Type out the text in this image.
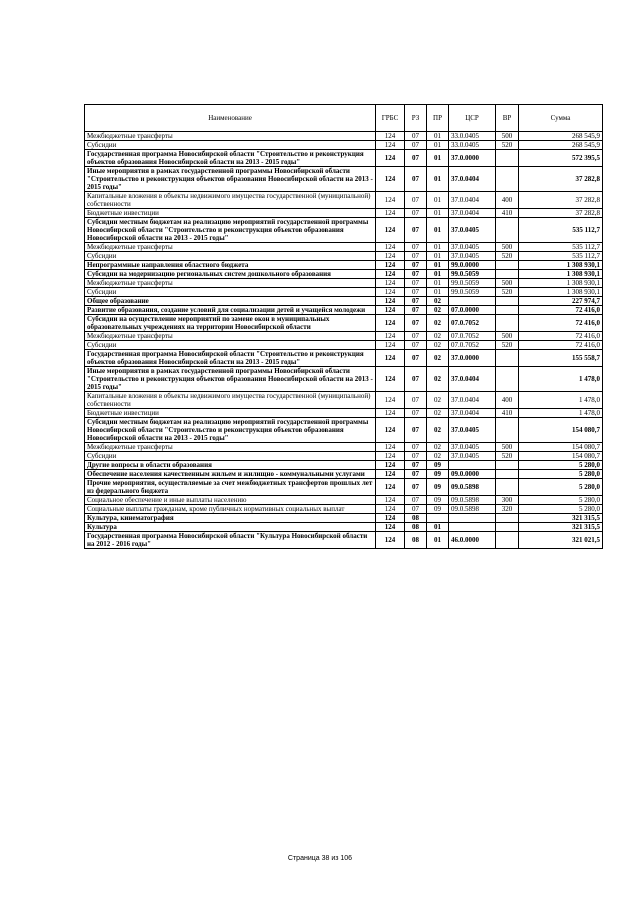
Наименование	ГРБС	РЗ	ПР	ЦСР	ВР	Сумма
Межбюджетные трансферты	124	07	01	33.0.0405	500	268 545,9
Субсидии	124	07	01	33.0.0405	520	268 545,9
Государственная программа Новосибирской области "Строительство и реконструкция объектов образования Новосибирской области на 2013 - 2015 годы"	124	07	01	37.0.0000		572 395,5
Иные мероприятия в рамках государственной программы Новосибирской области "Строительство и реконструкция объектов образования Новосибирской области на 2013 - 2015 годы"	124	07	01	37.0.0404		37 282,8
Капитальные вложения в объекты недвижимого имущества государственной (муниципальной) собственности	124	07	01	37.0.0404	400	37 282,8
Бюджетные инвестиции	124	07	01	37.0.0404	410	37 282,8
Субсидии местным бюджетам на реализацию мероприятий государственной программы Новосибирской области "Строительство и реконструкция объектов образования Новосибирской области на 2013 - 2015 годы"	124	07	01	37.0.0405		535 112,7
Межбюджетные трансферты	124	07	01	37.0.0405	500	535 112,7
Субсидии	124	07	01	37.0.0405	520	535 112,7
Непрограммные направления областного бюджета	124	07	01	99.0.0000		1 308 930,1
Субсидии на модернизацию региональных систем дошкольного образования	124	07	01	99.0.5059		1 308 930,1
Межбюджетные трансферты	124	07	01	99.0.5059	500	1 308 930,1
Субсидии	124	07	01	99.0.5059	520	1 308 930,1
Общее образование	124	07	02			227 974,7
Развитие образования, создание условий для социализации детей и учащейся молодежи	124	07	02	07.0.0000		72 416,0
Субсидии на осуществление мероприятий по замене окон в муниципальных образовательных учреждениях на территории Новосибирской области	124	07	02	07.0.7052		72 416,0
Межбюджетные трансферты	124	07	02	07.0.7052	500	72 416,0
Субсидии	124	07	02	07.0.7052	520	72 416,0
Государственная программа Новосибирской области "Строительство и реконструкция объектов образования Новосибирской области на 2013 - 2015 годы"	124	07	02	37.0.0000		155 558,7
Иные мероприятия в рамках государственной программы Новосибирской области "Строительство и реконструкция объектов образования Новосибирской области на 2013 - 2015 годы"	124	07	02	37.0.0404		1 478,0
Капитальные вложения в объекты недвижимого имущества государственной (муниципальной) собственности	124	07	02	37.0.0404	400	1 478,0
Бюджетные инвестиции	124	07	02	37.0.0404	410	1 478,0
Субсидии местным бюджетам на реализацию мероприятий государственной программы Новосибирской области "Строительство и реконструкция объектов образования Новосибирской области на 2013 - 2015 годы"	124	07	02	37.0.0405		154 080,7
Межбюджетные трансферты	124	07	02	37.0.0405	500	154 080,7
Субсидии	124	07	02	37.0.0405	520	154 080,7
Другие вопросы в области образования	124	07	09			5 280,0
Обеспечение населения качественным жильем и жилищно - коммунальными услугами	124	07	09	09.0.0000		5 280,0
Прочие мероприятия, осуществляемые за счет межбюджетных трансфертов прошлых лет из федерального бюджета	124	07	09	09.0.5898		5 280,0
Социальное обеспечение и иные выплаты населению	124	07	09	09.0.5898	300	5 280,0
Социальные выплаты гражданам, кроме публичных нормативных социальных выплат	124	07	09	09.0.5898	320	5 280,0
Культура, кинематография	124	08				321 315,5
Культура	124	08	01			321 315,5
Государственная программа Новосибирской области "Культура Новосибирской области на 2012 - 2016 годы"	124	08	01	46.0.0000		321 021,5
Страница 38 из 106
